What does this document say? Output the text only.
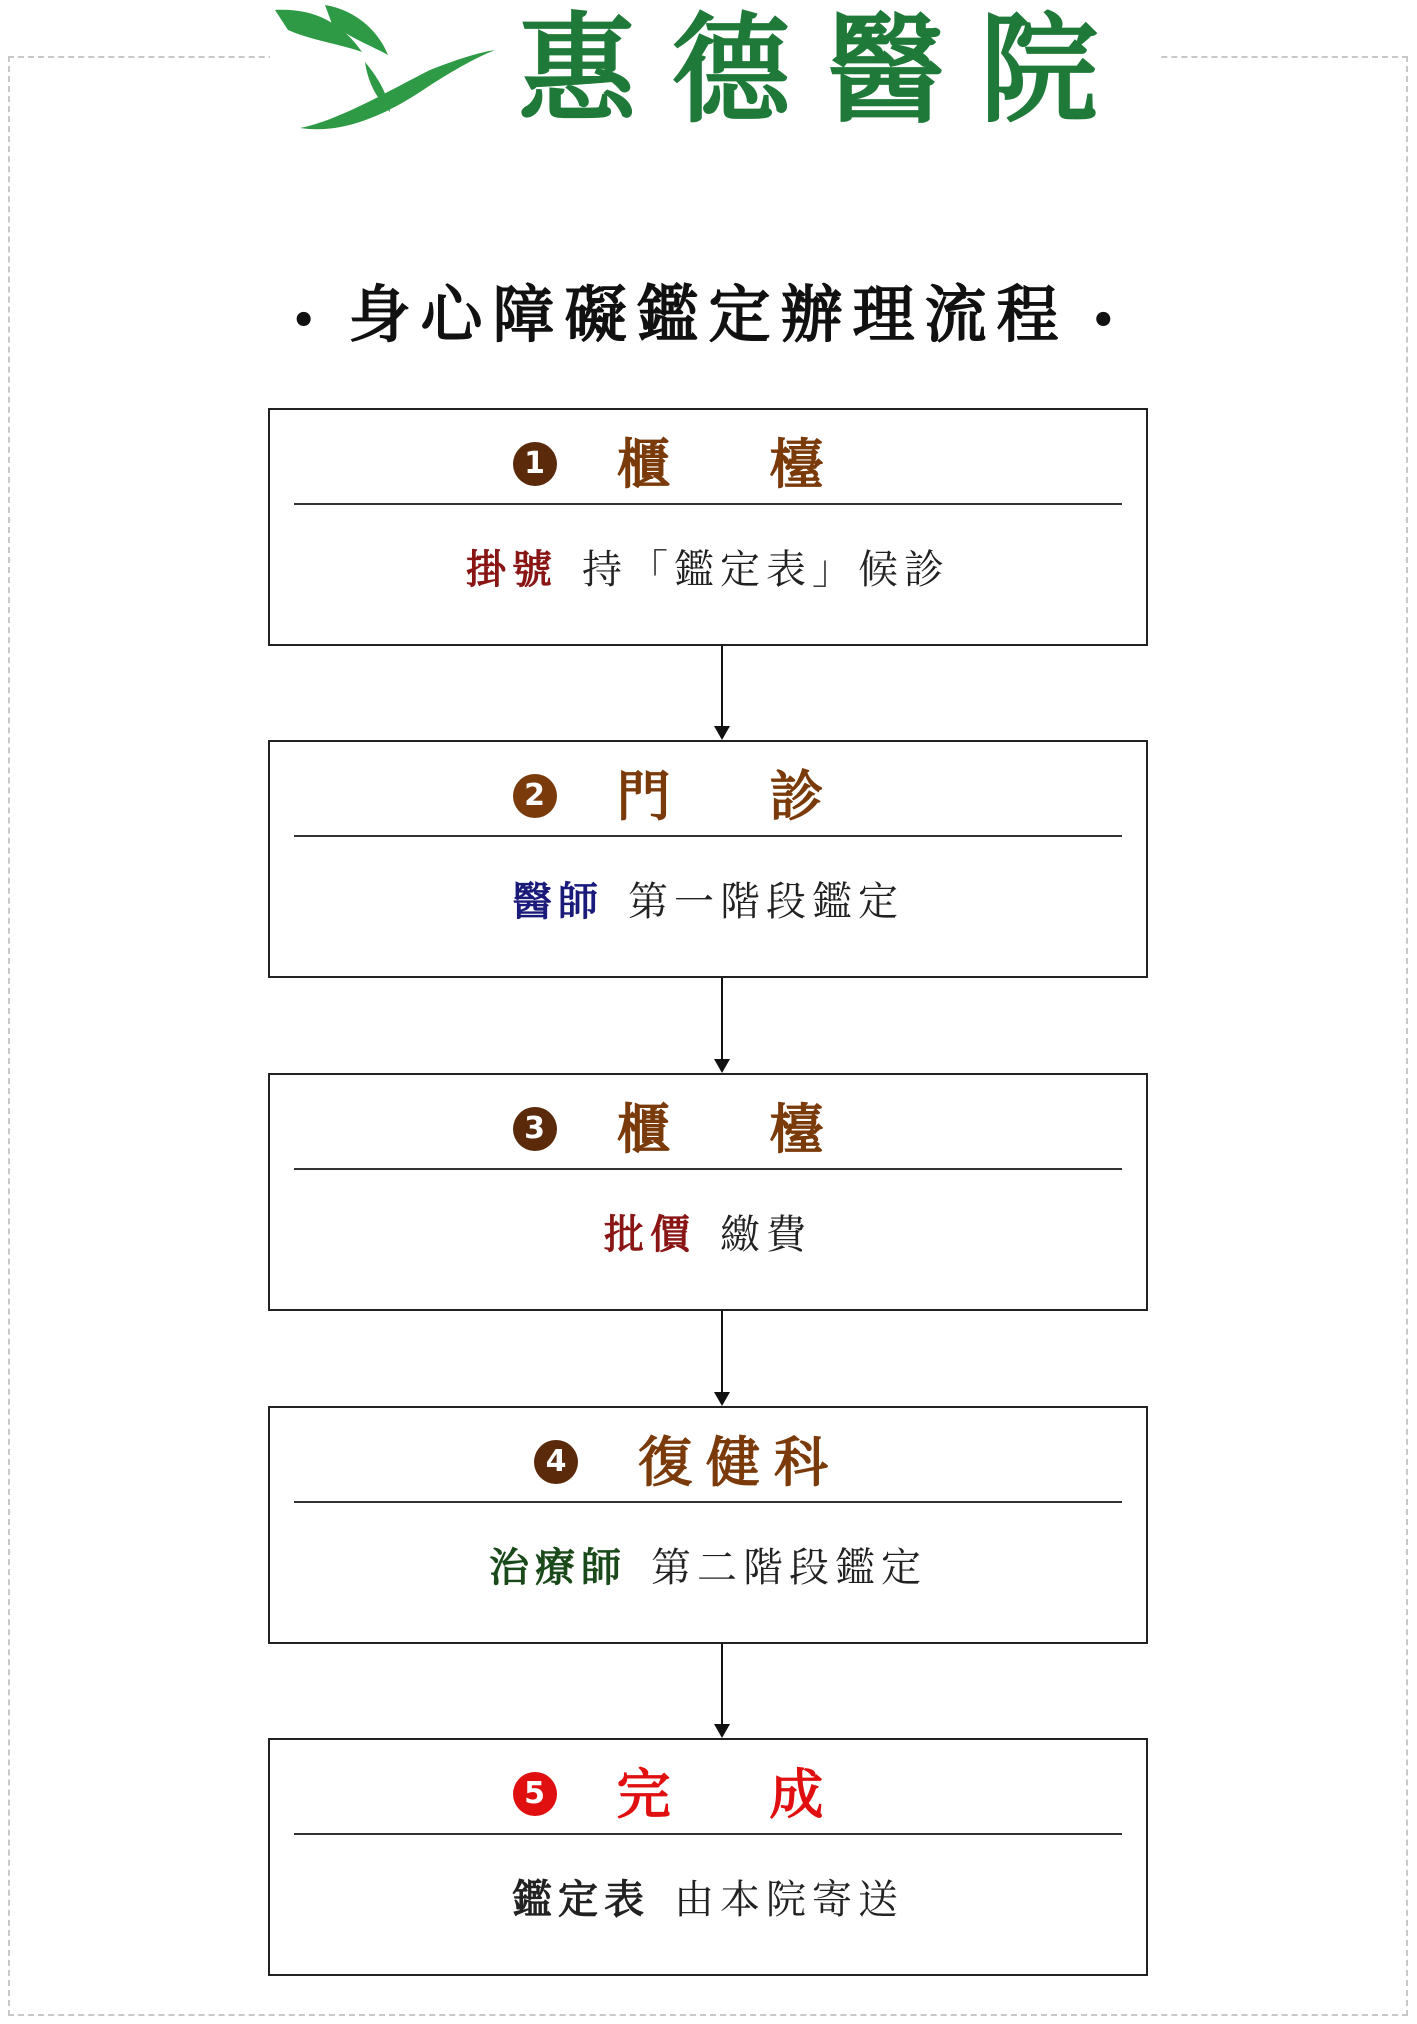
惠德醫院
• 身心障礙鑑定辦理流程 •
1 櫃 檯
掛號 持「鑑定表」候診
2 門 診
醫師 第一階段鑑定
3 櫃 檯
批價 繳費
4 復健科
治療師 第二階段鑑定
5 完 成
鑑定表 由本院寄送
